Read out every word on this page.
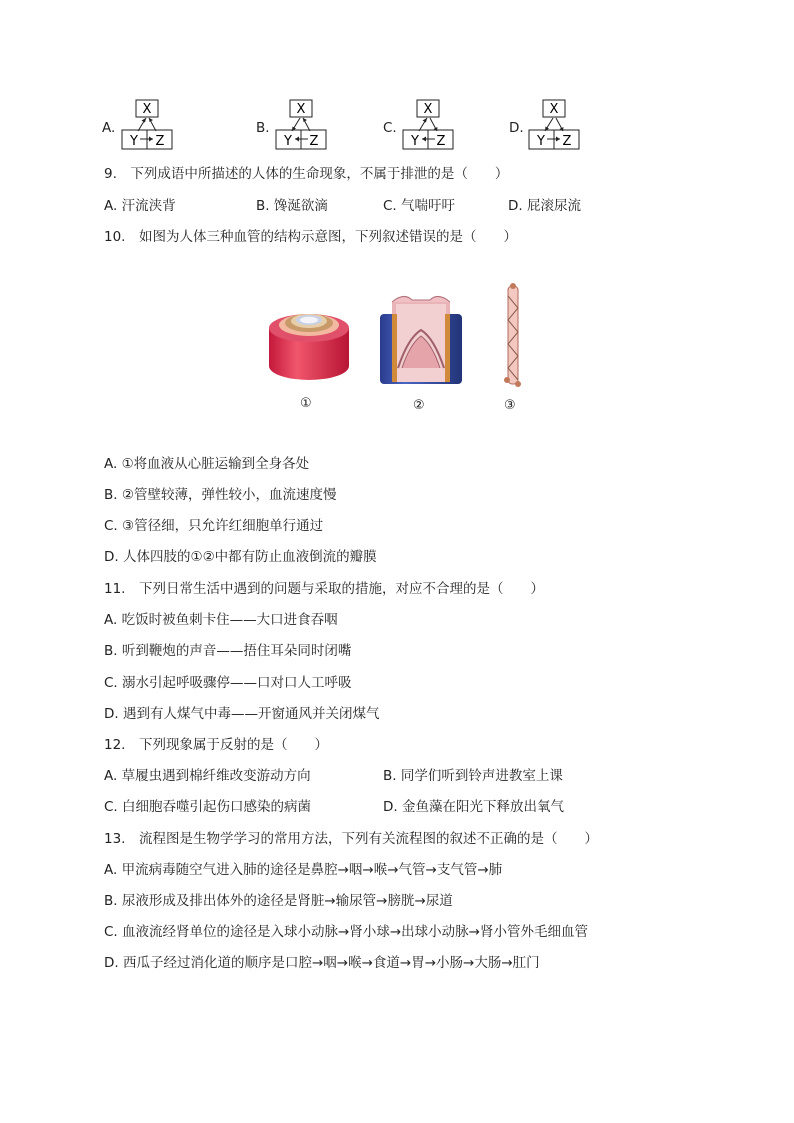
A.
X
Y Z
B.
X
Y Z
C.
X
Y Z
D.
X
Y Z
9.　下列成语中所描述的人体的生命现象，不属于排泄的是（　　）
A. 汗流浃背	B. 馋涎欲滴	C. 气喘吁吁	D. 屁滚尿流
10.　如图为人体三种血管的结构示意图，下列叙述错误的是（　　）
①	②	③
A. ①将血液从心脏运输到全身各处
B. ②管壁较薄，弹性较小，血流速度慢
C. ③管径细，只允许红细胞单行通过
D. 人体四肢的①②中都有防止血液倒流的瓣膜
11.　下列日常生活中遇到的问题与采取的措施，对应不合理的是（　　）
A. 吃饭时被鱼刺卡住——大口进食吞咽
B. 听到鞭炮的声音——捂住耳朵同时闭嘴
C. 溺水引起呼吸骤停——口对口人工呼吸
D. 遇到有人煤气中毒——开窗通风并关闭煤气
12.　下列现象属于反射的是（　　）
A. 草履虫遇到棉纤维改变游动方向	B. 同学们听到铃声进教室上课
C. 白细胞吞噬引起伤口感染的病菌	D. 金鱼藻在阳光下释放出氧气
13.　流程图是生物学学习的常用方法，下列有关流程图的叙述不正确的是（　　）
A. 甲流病毒随空气进入肺的途径是鼻腔→咽→喉→气管→支气管→肺
B. 尿液形成及排出体外的途径是肾脏→输尿管→膀胱→尿道
C. 血液流经肾单位的途径是入球小动脉→肾小球→出球小动脉→肾小管外毛细血管
D. 西瓜子经过消化道的顺序是口腔→咽→喉→食道→胃→小肠→大肠→肛门
